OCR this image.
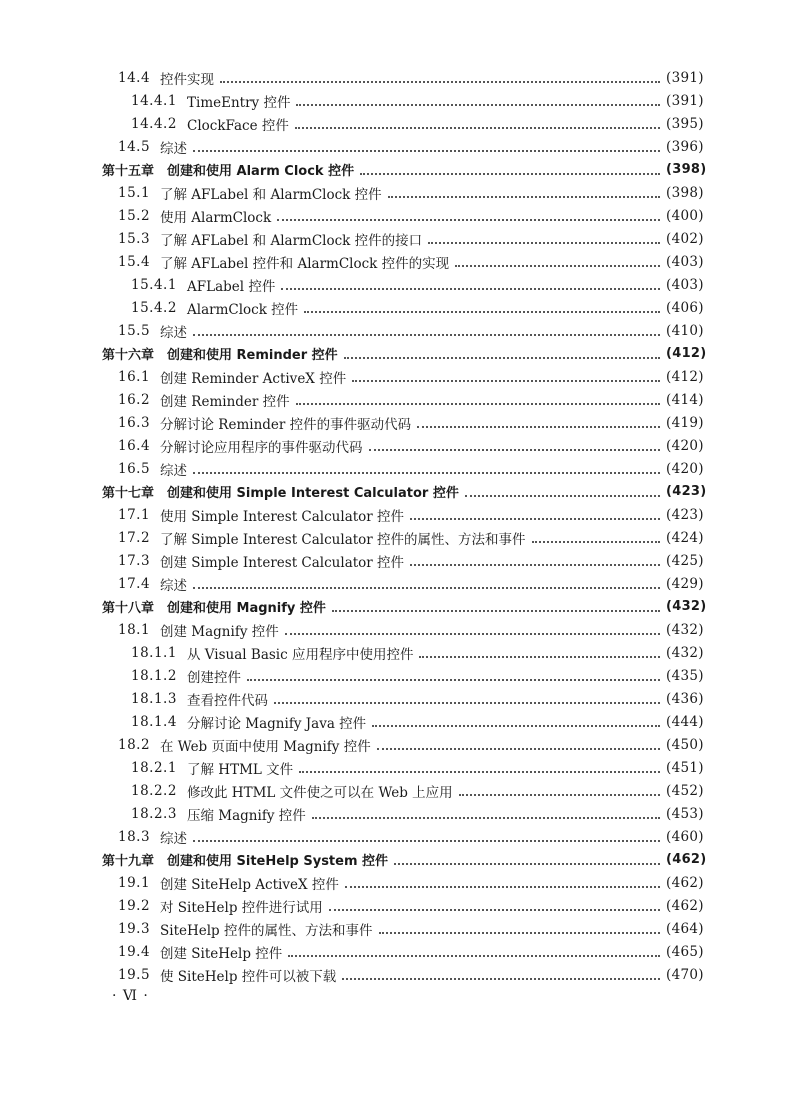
14.4 控件实现	(391)
14.4.1 TimeEntry 控件	(391)
14.4.2 ClockFace 控件	(395)
14.5 综述	(396)
第十五章　创建和使用 Alarm Clock 控件	(398)
15.1 了解 AFLabel 和 AlarmClock 控件	(398)
15.2 使用 AlarmClock	(400)
15.3 了解 AFLabel 和 AlarmClock 控件的接口	(402)
15.4 了解 AFLabel 控件和 AlarmClock 控件的实现	(403)
15.4.1 AFLabel 控件	(403)
15.4.2 AlarmClock 控件	(406)
15.5 综述	(410)
第十六章　创建和使用 Reminder 控件	(412)
16.1 创建 Reminder ActiveX 控件	(412)
16.2 创建 Reminder 控件	(414)
16.3 分解讨论 Reminder 控件的事件驱动代码	(419)
16.4 分解讨论应用程序的事件驱动代码	(420)
16.5 综述	(420)
第十七章　创建和使用 Simple Interest Calculator 控件	(423)
17.1 使用 Simple Interest Calculator 控件	(423)
17.2 了解 Simple Interest Calculator 控件的属性、方法和事件	(424)
17.3 创建 Simple Interest Calculator 控件	(425)
17.4 综述	(429)
第十八章　创建和使用 Magnify 控件	(432)
18.1 创建 Magnify 控件	(432)
18.1.1 从 Visual Basic 应用程序中使用控件	(432)
18.1.2 创建控件	(435)
18.1.3 查看控件代码	(436)
18.1.4 分解讨论 Magnify Java 控件	(444)
18.2 在 Web 页面中使用 Magnify 控件	(450)
18.2.1 了解 HTML 文件	(451)
18.2.2 修改此 HTML 文件使之可以在 Web 上应用	(452)
18.2.3 压缩 Magnify 控件	(453)
18.3 综述	(460)
第十九章　创建和使用 SiteHelp System 控件	(462)
19.1 创建 SiteHelp ActiveX 控件	(462)
19.2 对 SiteHelp 控件进行试用	(462)
19.3 SiteHelp 控件的属性、方法和事件	(464)
19.4 创建 SiteHelp 控件	(465)
19.5 使 SiteHelp 控件可以被下载	(470)
· Ⅵ ·
